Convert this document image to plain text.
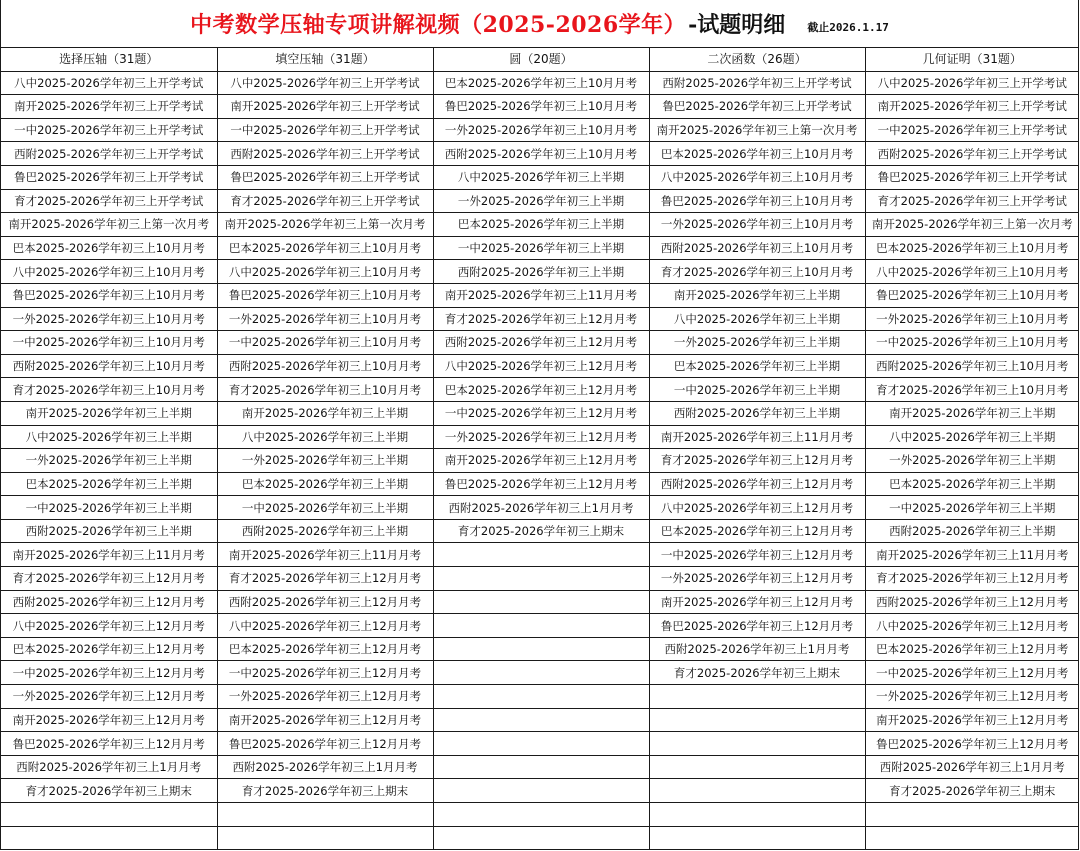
中考数学压轴专项讲解视频（2025-2026学年） -试题明细 截止2026.1.17
选择压轴（31题）	填空压轴（31题）	圆（20题）	二次函数（26题）	几何证明（31题）
八中2025-2026学年初三上开学考试	八中2025-2026学年初三上开学考试	巴本2025-2026学年初三上10月月考	西附2025-2026学年初三上开学考试	八中2025-2026学年初三上开学考试
南开2025-2026学年初三上开学考试	南开2025-2026学年初三上开学考试	鲁巴2025-2026学年初三上10月月考	鲁巴2025-2026学年初三上开学考试	南开2025-2026学年初三上开学考试
一中2025-2026学年初三上开学考试	一中2025-2026学年初三上开学考试	一外2025-2026学年初三上10月月考	南开2025-2026学年初三上第一次月考	一中2025-2026学年初三上开学考试
西附2025-2026学年初三上开学考试	西附2025-2026学年初三上开学考试	西附2025-2026学年初三上10月月考	巴本2025-2026学年初三上10月月考	西附2025-2026学年初三上开学考试
鲁巴2025-2026学年初三上开学考试	鲁巴2025-2026学年初三上开学考试	八中2025-2026学年初三上半期	八中2025-2026学年初三上10月月考	鲁巴2025-2026学年初三上开学考试
育才2025-2026学年初三上开学考试	育才2025-2026学年初三上开学考试	一外2025-2026学年初三上半期	鲁巴2025-2026学年初三上10月月考	育才2025-2026学年初三上开学考试
南开2025-2026学年初三上第一次月考	南开2025-2026学年初三上第一次月考	巴本2025-2026学年初三上半期	一外2025-2026学年初三上10月月考	南开2025-2026学年初三上第一次月考
巴本2025-2026学年初三上10月月考	巴本2025-2026学年初三上10月月考	一中2025-2026学年初三上半期	西附2025-2026学年初三上10月月考	巴本2025-2026学年初三上10月月考
八中2025-2026学年初三上10月月考	八中2025-2026学年初三上10月月考	西附2025-2026学年初三上半期	育才2025-2026学年初三上10月月考	八中2025-2026学年初三上10月月考
鲁巴2025-2026学年初三上10月月考	鲁巴2025-2026学年初三上10月月考	南开2025-2026学年初三上11月月考	南开2025-2026学年初三上半期	鲁巴2025-2026学年初三上10月月考
一外2025-2026学年初三上10月月考	一外2025-2026学年初三上10月月考	育才2025-2026学年初三上12月月考	八中2025-2026学年初三上半期	一外2025-2026学年初三上10月月考
一中2025-2026学年初三上10月月考	一中2025-2026学年初三上10月月考	西附2025-2026学年初三上12月月考	一外2025-2026学年初三上半期	一中2025-2026学年初三上10月月考
西附2025-2026学年初三上10月月考	西附2025-2026学年初三上10月月考	八中2025-2026学年初三上12月月考	巴本2025-2026学年初三上半期	西附2025-2026学年初三上10月月考
育才2025-2026学年初三上10月月考	育才2025-2026学年初三上10月月考	巴本2025-2026学年初三上12月月考	一中2025-2026学年初三上半期	育才2025-2026学年初三上10月月考
南开2025-2026学年初三上半期	南开2025-2026学年初三上半期	一中2025-2026学年初三上12月月考	西附2025-2026学年初三上半期	南开2025-2026学年初三上半期
八中2025-2026学年初三上半期	八中2025-2026学年初三上半期	一外2025-2026学年初三上12月月考	南开2025-2026学年初三上11月月考	八中2025-2026学年初三上半期
一外2025-2026学年初三上半期	一外2025-2026学年初三上半期	南开2025-2026学年初三上12月月考	育才2025-2026学年初三上12月月考	一外2025-2026学年初三上半期
巴本2025-2026学年初三上半期	巴本2025-2026学年初三上半期	鲁巴2025-2026学年初三上12月月考	西附2025-2026学年初三上12月月考	巴本2025-2026学年初三上半期
一中2025-2026学年初三上半期	一中2025-2026学年初三上半期	西附2025-2026学年初三上1月月考	八中2025-2026学年初三上12月月考	一中2025-2026学年初三上半期
西附2025-2026学年初三上半期	西附2025-2026学年初三上半期	育才2025-2026学年初三上期末	巴本2025-2026学年初三上12月月考	西附2025-2026学年初三上半期
南开2025-2026学年初三上11月月考	南开2025-2026学年初三上11月月考		一中2025-2026学年初三上12月月考	南开2025-2026学年初三上11月月考
育才2025-2026学年初三上12月月考	育才2025-2026学年初三上12月月考		一外2025-2026学年初三上12月月考	育才2025-2026学年初三上12月月考
西附2025-2026学年初三上12月月考	西附2025-2026学年初三上12月月考		南开2025-2026学年初三上12月月考	西附2025-2026学年初三上12月月考
八中2025-2026学年初三上12月月考	八中2025-2026学年初三上12月月考		鲁巴2025-2026学年初三上12月月考	八中2025-2026学年初三上12月月考
巴本2025-2026学年初三上12月月考	巴本2025-2026学年初三上12月月考		西附2025-2026学年初三上1月月考	巴本2025-2026学年初三上12月月考
一中2025-2026学年初三上12月月考	一中2025-2026学年初三上12月月考		育才2025-2026学年初三上期末	一中2025-2026学年初三上12月月考
一外2025-2026学年初三上12月月考	一外2025-2026学年初三上12月月考			一外2025-2026学年初三上12月月考
南开2025-2026学年初三上12月月考	南开2025-2026学年初三上12月月考			南开2025-2026学年初三上12月月考
鲁巴2025-2026学年初三上12月月考	鲁巴2025-2026学年初三上12月月考			鲁巴2025-2026学年初三上12月月考
西附2025-2026学年初三上1月月考	西附2025-2026学年初三上1月月考			西附2025-2026学年初三上1月月考
育才2025-2026学年初三上期末	育才2025-2026学年初三上期末			育才2025-2026学年初三上期末
